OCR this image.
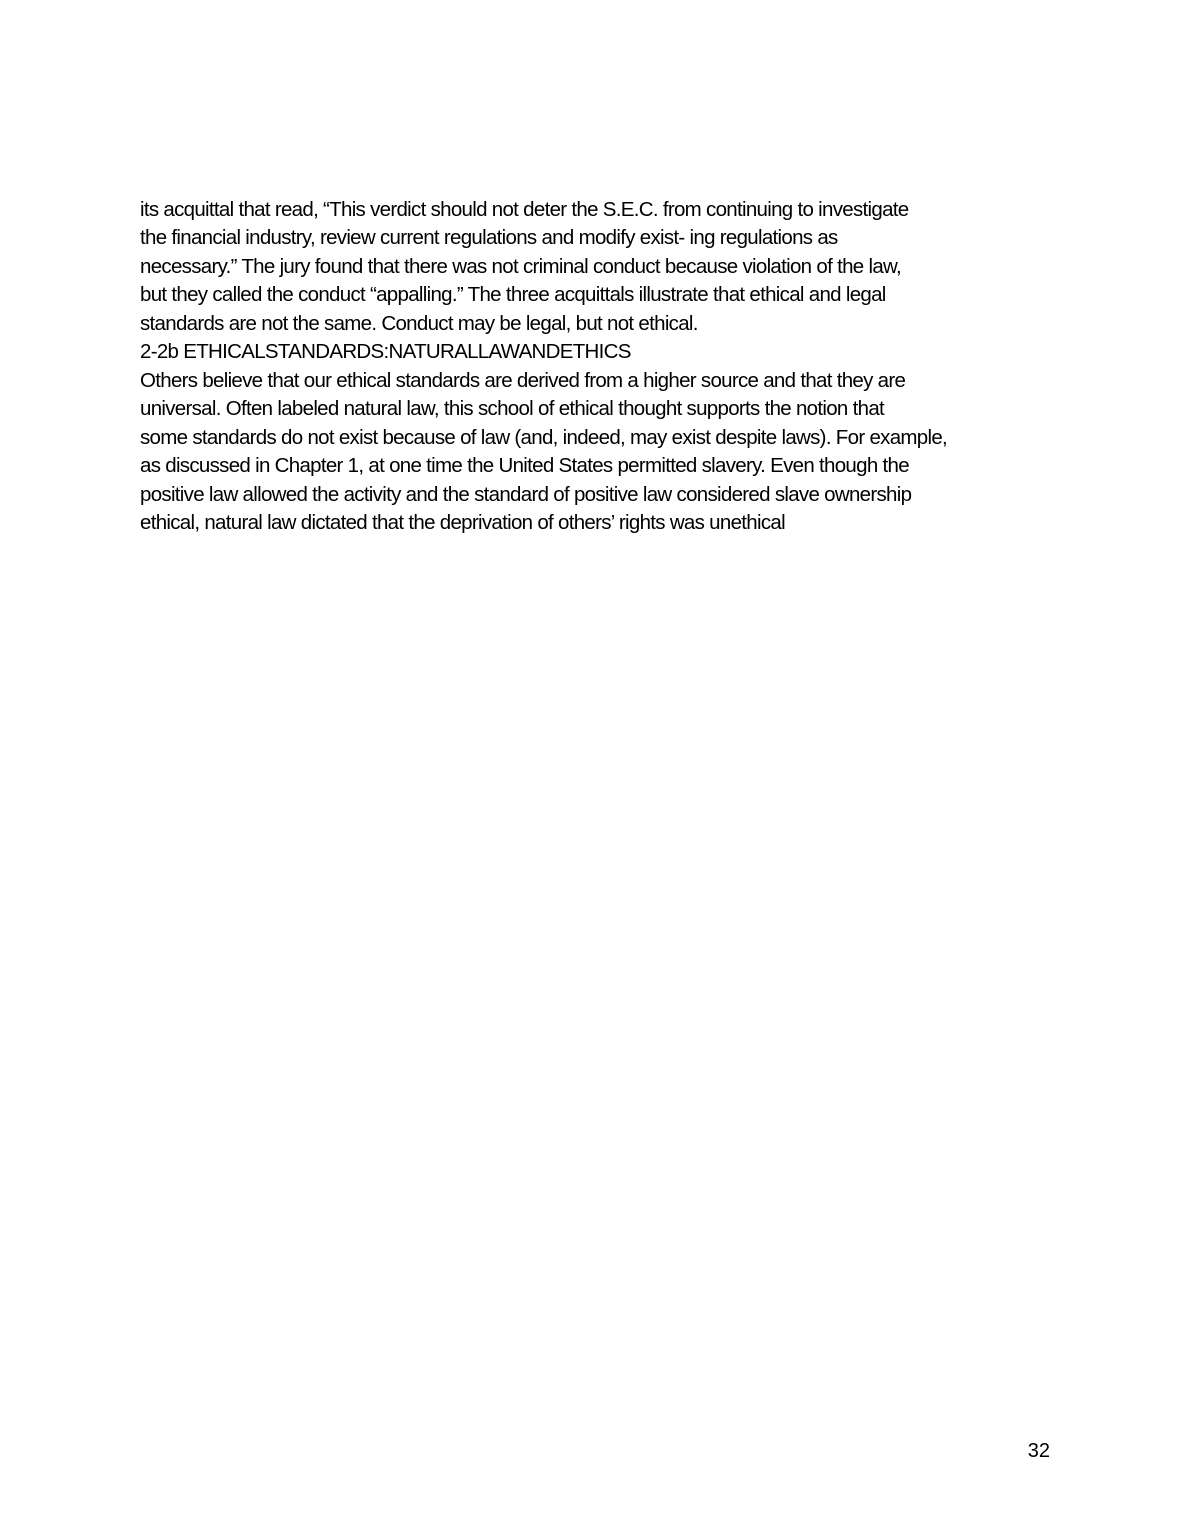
its acquittal that read, “This verdict should not deter the S.E.C. from continuing to investigate
the financial industry, review current regulations and modify exist- ing regulations as
necessary.” The jury found that there was not criminal conduct because violation of the law,
but they called the conduct “appalling.” The three acquittals illustrate that ethical and legal
standards are not the same. Conduct may be legal, but not ethical.
2-2b ETHICALSTANDARDS:NATURALLAWANDETHICS
Others believe that our ethical standards are derived from a higher source and that they are
universal. Often labeled natural law, this school of ethical thought supports the notion that
some standards do not exist because of law (and, indeed, may exist despite laws). For example,
as discussed in Chapter 1, at one time the United States permitted slavery. Even though the
positive law allowed the activity and the standard of positive law considered slave ownership
ethical, natural law dictated that the deprivation of others’ rights was unethical
32
